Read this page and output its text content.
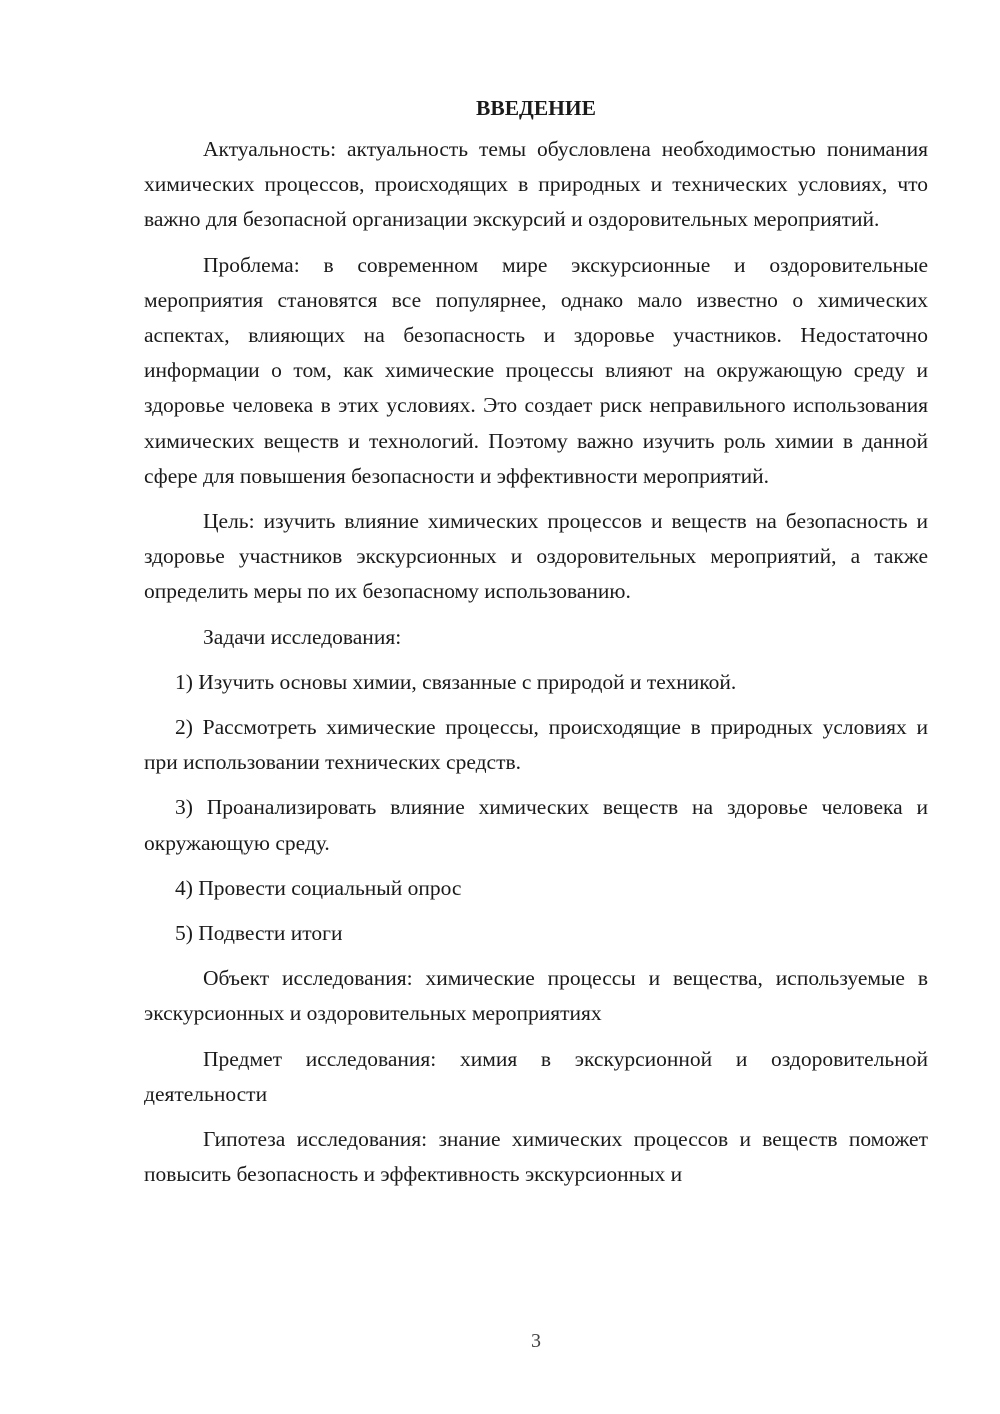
ВВЕДЕНИЕ

Актуальность: актуальность темы обусловлена необходимостью понимания химических процессов, происходящих в природных и технических условиях, что важно для безопасной организации экскурсий и оздоровительных мероприятий.

Проблема: в современном мире экскурсионные и оздоровительные мероприятия становятся все популярнее, однако мало известно о химических аспектах, влияющих на безопасность и здоровье участников. Недостаточно информации о том, как химические процессы влияют на окружающую среду и здоровье человека в этих условиях. Это создает риск неправильного использования химических веществ и технологий. Поэтому важно изучить роль химии в данной сфере для повышения безопасности и эффективности мероприятий.

Цель: изучить влияние химических процессов и веществ на безопасность и здоровье участников экскурсионных и оздоровительных мероприятий, а также определить меры по их безопасному использованию.

Задачи исследования:

1) Изучить основы химии, связанные с природой и техникой.

2) Рассмотреть химические процессы, происходящие в природных условиях и при использовании технических средств.

3) Проанализировать влияние химических веществ на здоровье человека и окружающую среду.

4) Провести социальный опрос

5) Подвести итоги

Объект исследования: химические процессы и вещества, используемые в экскурсионных и оздоровительных мероприятиях

Предмет исследования: химия в экскурсионной и оздоровительной деятельности

Гипотеза исследования: знание химических процессов и веществ поможет повысить безопасность и эффективность экскурсионных и

3
